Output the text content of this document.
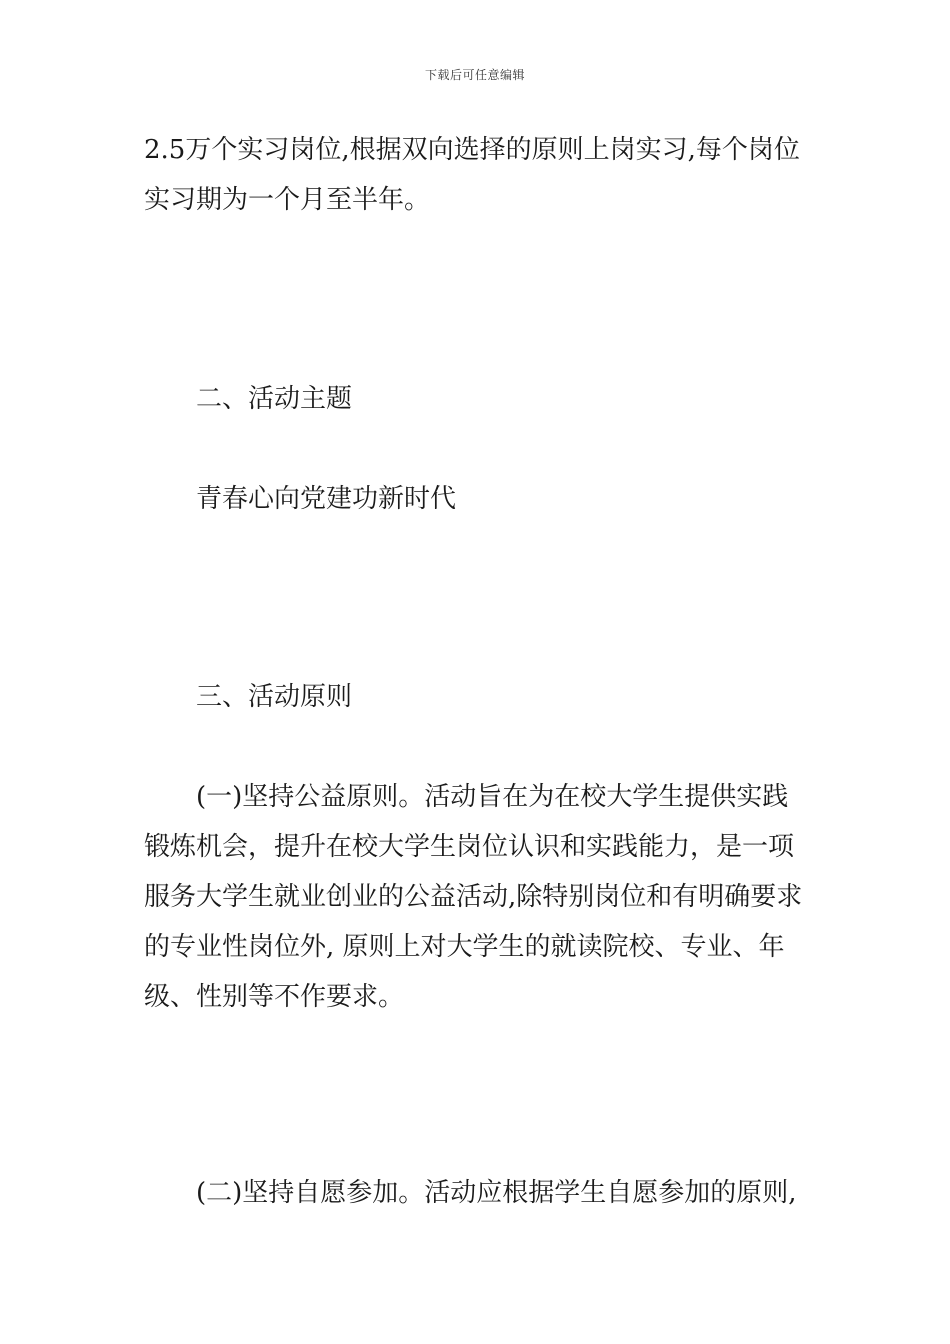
下载后可任意编辑

2.5万个实习岗位,根据双向选择的原则上岗实习,每个岗位
实习期为一个月至半年。

二、活动主题

青春心向党建功新时代

三、活动原则

(一)坚持公益原则。活动旨在为在校大学生提供实践
锻炼机会，提升在校大学生岗位认识和实践能力，是一项
服务大学生就业创业的公益活动,除特别岗位和有明确要求
的专业性岗位外, 原则上对大学生的就读院校、专业、年
级、性别等不作要求。

(二)坚持自愿参加。活动应根据学生自愿参加的原则,
